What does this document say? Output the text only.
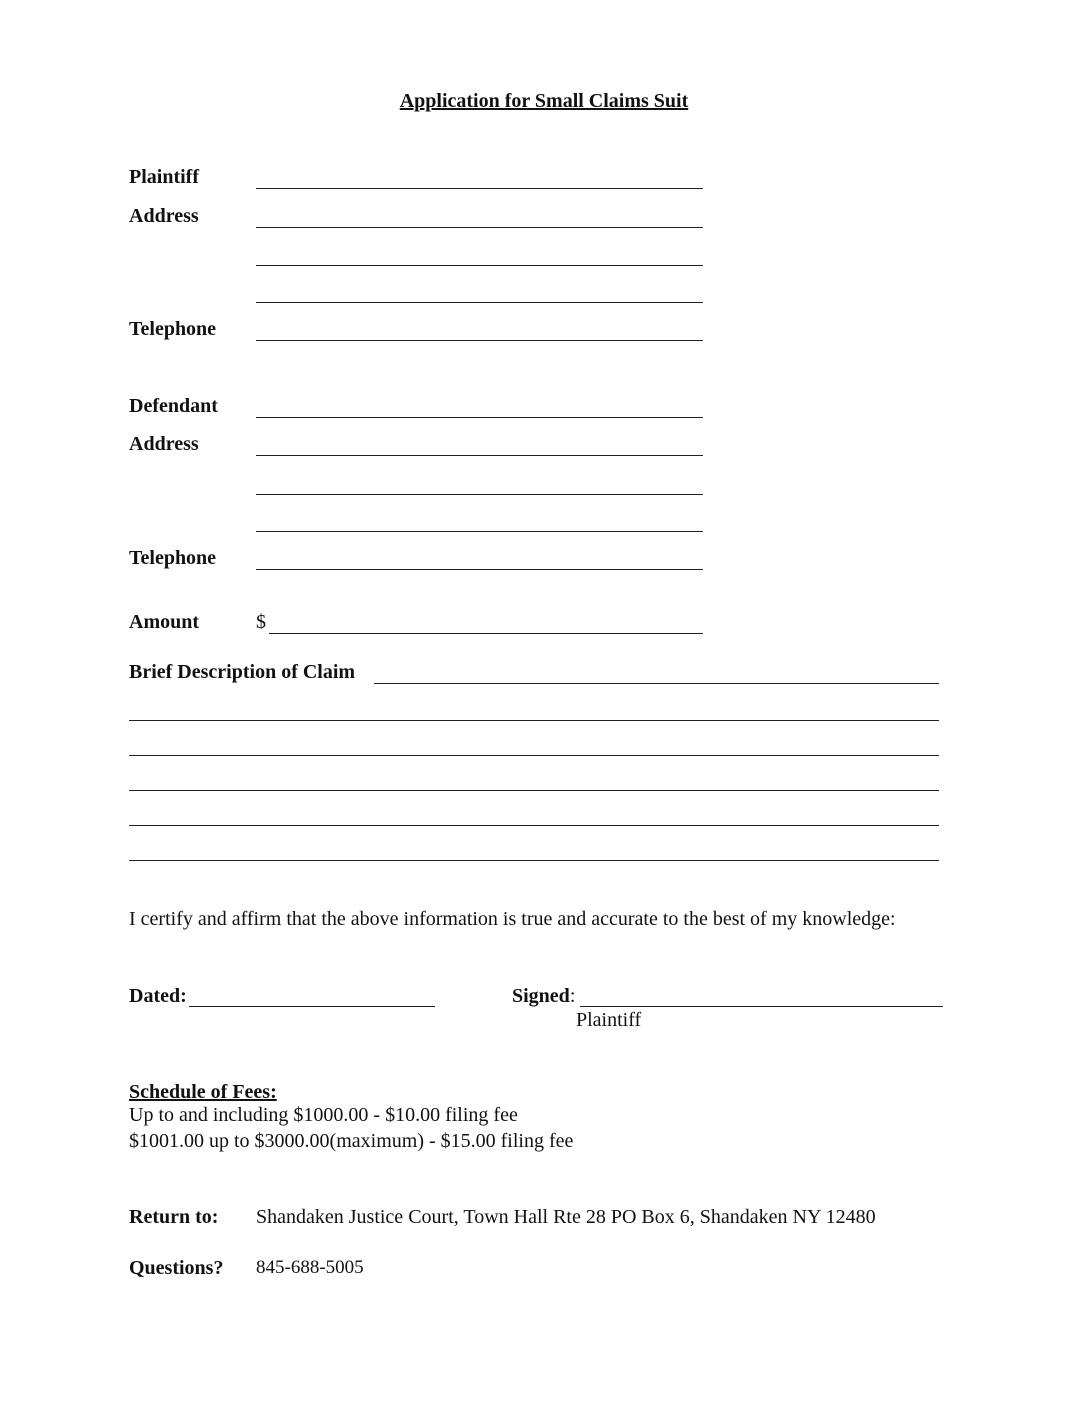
Application for Small Claims Suit
Plaintiff
Address
Telephone
Defendant
Address
Telephone
Amount	$
Brief Description of Claim
I certify and affirm that the above information is true and accurate to the best of my knowledge:
Dated:	Signed:
Plaintiff
Schedule of Fees:
Up to and including $1000.00 - $10.00 filing fee
$1001.00 up to $3000.00(maximum) - $15.00 filing fee
Return to: Shandaken Justice Court, Town Hall Rte 28 PO Box 6, Shandaken NY 12480
Questions? 845-688-5005
